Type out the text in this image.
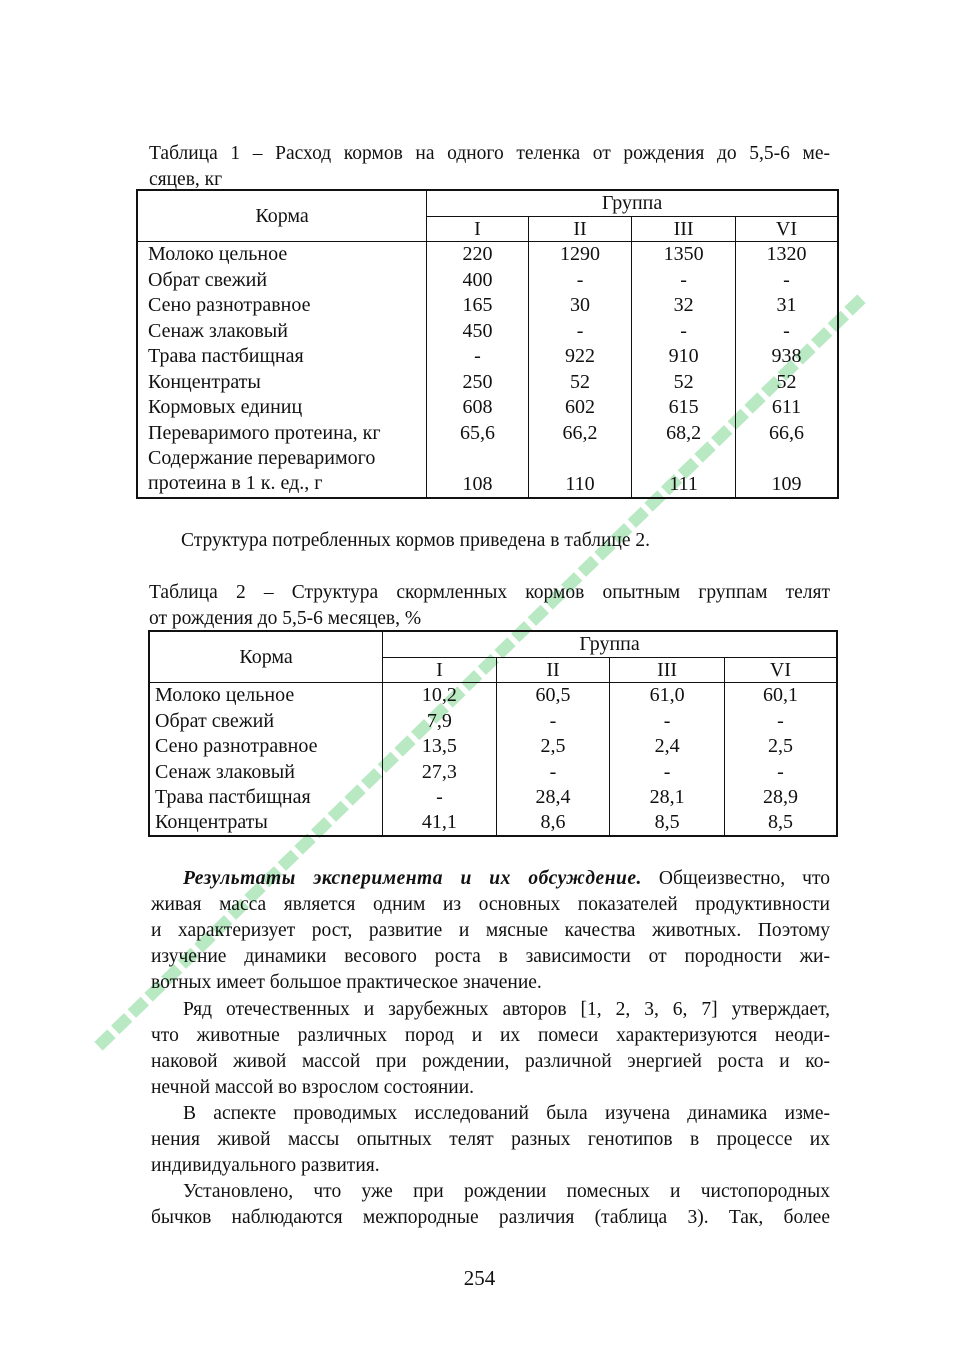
Таблица 1 – Расход кормов на одного теленка от рождения до 5,5-6 ме-
сяцев, кг
Корма	Группа			
	I	II	III	VI
Молоко цельное	220	1290	1350	1320
Обрат свежий	400	-	-	-
Сено разнотравное	165	30	32	31
Сенаж злаковый	450	-	-	-
Трава пастбищная	-	922	910	938
Концентраты	250	52	52	52
Кормовых единиц	608	602	615	611
Переваримого протеина, кг	65,6	66,2	68,2	66,6

Содержание переваримого
протеина в 1 к. ед., г	108	110	111	109
Структура потребленных кормов приведена в таблице 2.
Таблица 2 – Структура скормленных кормов опытным группам телят
от рождения до 5,5-6 месяцев, %
Корма	Группа			
	I	II	III	VI
Молоко цельное	10,2	60,5	61,0	60,1
Обрат свежий	7,9	-	-	-
Сено разнотравное	13,5	2,5	2,4	2,5
Сенаж злаковый	27,3	-	-	-
Трава пастбищная	-	28,4	28,1	28,9
Концентраты	41,1	8,6	8,5	8,5
Результаты эксперимента и их обсуждение. Общеизвестно, что
живая масса является одним из основных показателей продуктивности
и характеризует рост, развитие и мясные качества животных. Поэтому
изучение динамики весового роста в зависимости от породности жи-
вотных имеет большое практическое значение.
Ряд отечественных и зарубежных авторов [1, 2, 3, 6, 7] утверждает,
что животные различных пород и их помеси характеризуются неоди-
наковой живой массой при рождении, различной энергией роста и ко-
нечной массой во взрослом состоянии.
В аспекте проводимых исследований была изучена динамика изме-
нения живой массы опытных телят разных генотипов в процессе их
индивидуального развития.
Установлено, что уже при рождении помесных и чистопородных
бычков наблюдаются межпородные различия (таблица 3). Так, более
254
